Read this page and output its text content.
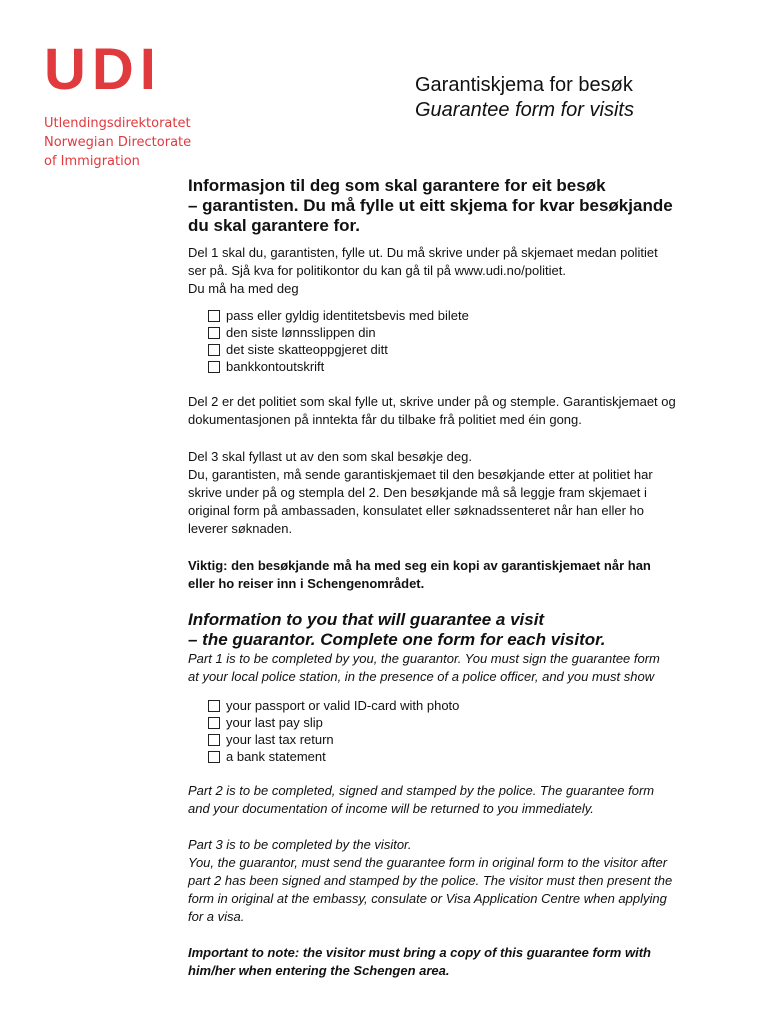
UDI
Utlendingsdirektoratet
Norwegian Directorate
of Immigration
Garantiskjema for besøk
Guarantee form for visits
Informasjon til deg som skal garantere for eit besøk
– garantisten. Du må fylle ut eitt skjema for kvar besøkjande
du skal garantere for.
Del 1 skal du, garantisten, fylle ut. Du må skrive under på skjemaet medan politiet
ser på. Sjå kva for politikontor du kan gå til på www.udi.no/politiet.
Du må ha med deg
pass eller gyldig identitetsbevis med bilete
den siste lønnsslippen din
det siste skatteoppgjeret ditt
bankkontoutskrift
Del 2 er det politiet som skal fylle ut, skrive under på og stemple. Garantiskjemaet og
dokumentasjonen på inntekta får du tilbake frå politiet med éin gong.
Del 3 skal fyllast ut av den som skal besøkje deg.
Du, garantisten, må sende garantiskjemaet til den besøkjande etter at politiet har
skrive under på og stempla del 2. Den besøkjande må så leggje fram skjemaet i
original form på ambassaden, konsulatet eller søknadssenteret når han eller ho
leverer søknaden.
Viktig: den besøkjande må ha med seg ein kopi av garantiskjemaet når han
eller ho reiser inn i Schengenområdet.
Information to you that will guarantee a visit
– the guarantor. Complete one form for each visitor.
Part 1 is to be completed by you, the guarantor. You must sign the guarantee form
at your local police station, in the presence of a police officer, and you must show
your passport or valid ID-card with photo
your last pay slip
your last tax return
a bank statement
Part 2 is to be completed, signed and stamped by the police. The guarantee form
and your documentation of income will be returned to you immediately.
Part 3 is to be completed by the visitor.
You, the guarantor, must send the guarantee form in original form to the visitor after
part 2 has been signed and stamped by the police. The visitor must then present the
form in original at the embassy, consulate or Visa Application Centre when applying
for a visa.
Important to note: the visitor must bring a copy of this guarantee form with
him/her when entering the Schengen area.
